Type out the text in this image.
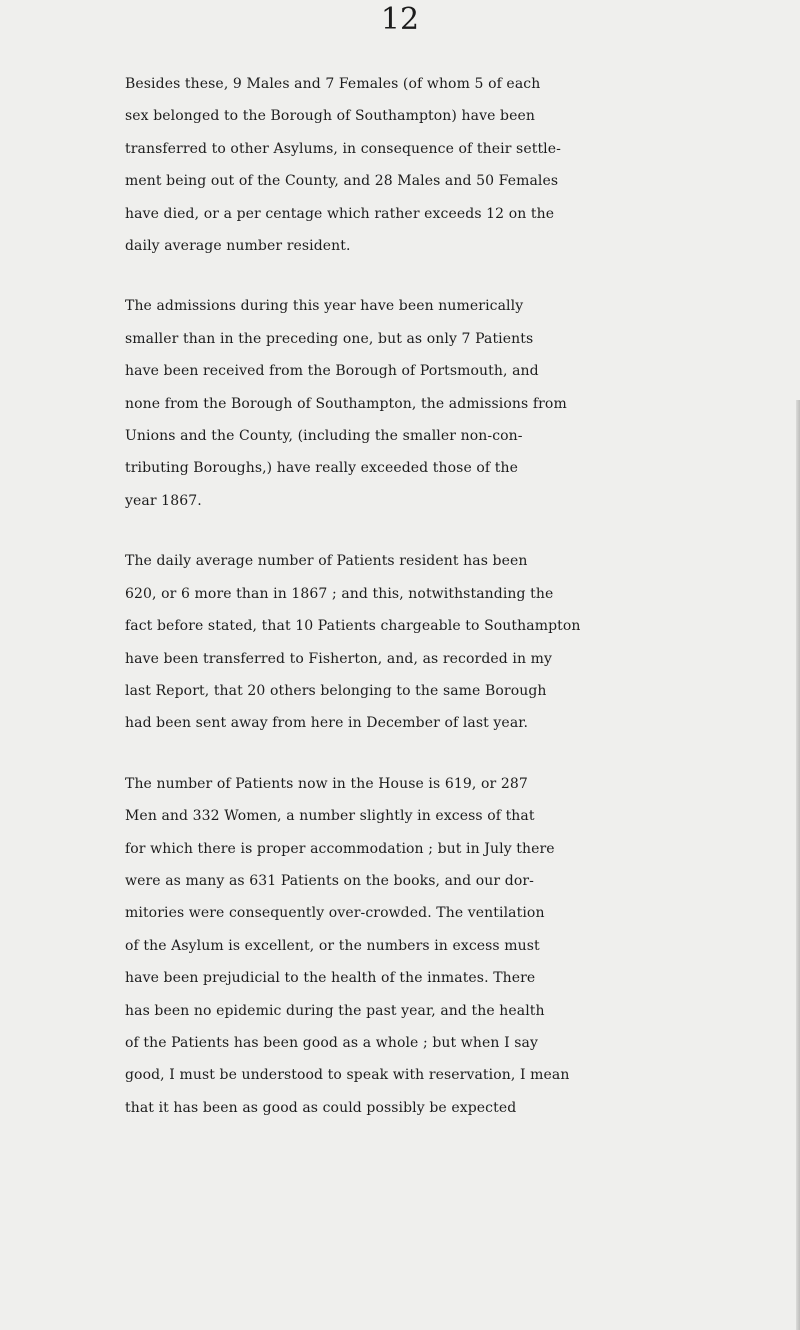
12
Besides these, 9 Males and 7 Females (of whom 5 of each
sex belonged to the Borough of Southampton) have been
transferred to other Asylums, in consequence of their settle-
ment being out of the County, and 28 Males and 50 Females
have died, or a per centage which rather exceeds 12 on the
daily average number resident.
The admissions during this year have been numerically
smaller than in the preceding one, but as only 7 Patients
have been received from the Borough of Portsmouth, and
none from the Borough of Southampton, the admissions from
Unions and the County, (including the smaller non-con-
tributing Boroughs,) have really exceeded those of the
year 1867.
The daily average number of Patients resident has been
620, or 6 more than in 1867 ; and this, notwithstanding the
fact before stated, that 10 Patients chargeable to Southampton
have been transferred to Fisherton, and, as recorded in my
last Report, that 20 others belonging to the same Borough
had been sent away from here in December of last year.
The number of Patients now in the House is 619, or 287
Men and 332 Women, a number slightly in excess of that
for which there is proper accommodation ; but in July there
were as many as 631 Patients on the books, and our dor-
mitories were consequently over-crowded. The ventilation
of the Asylum is excellent, or the numbers in excess must
have been prejudicial to the health of the inmates. There
has been no epidemic during the past year, and the health
of the Patients has been good as a whole ; but when I say
good, I must be understood to speak with reservation, I mean
that it has been as good as could possibly be expected
